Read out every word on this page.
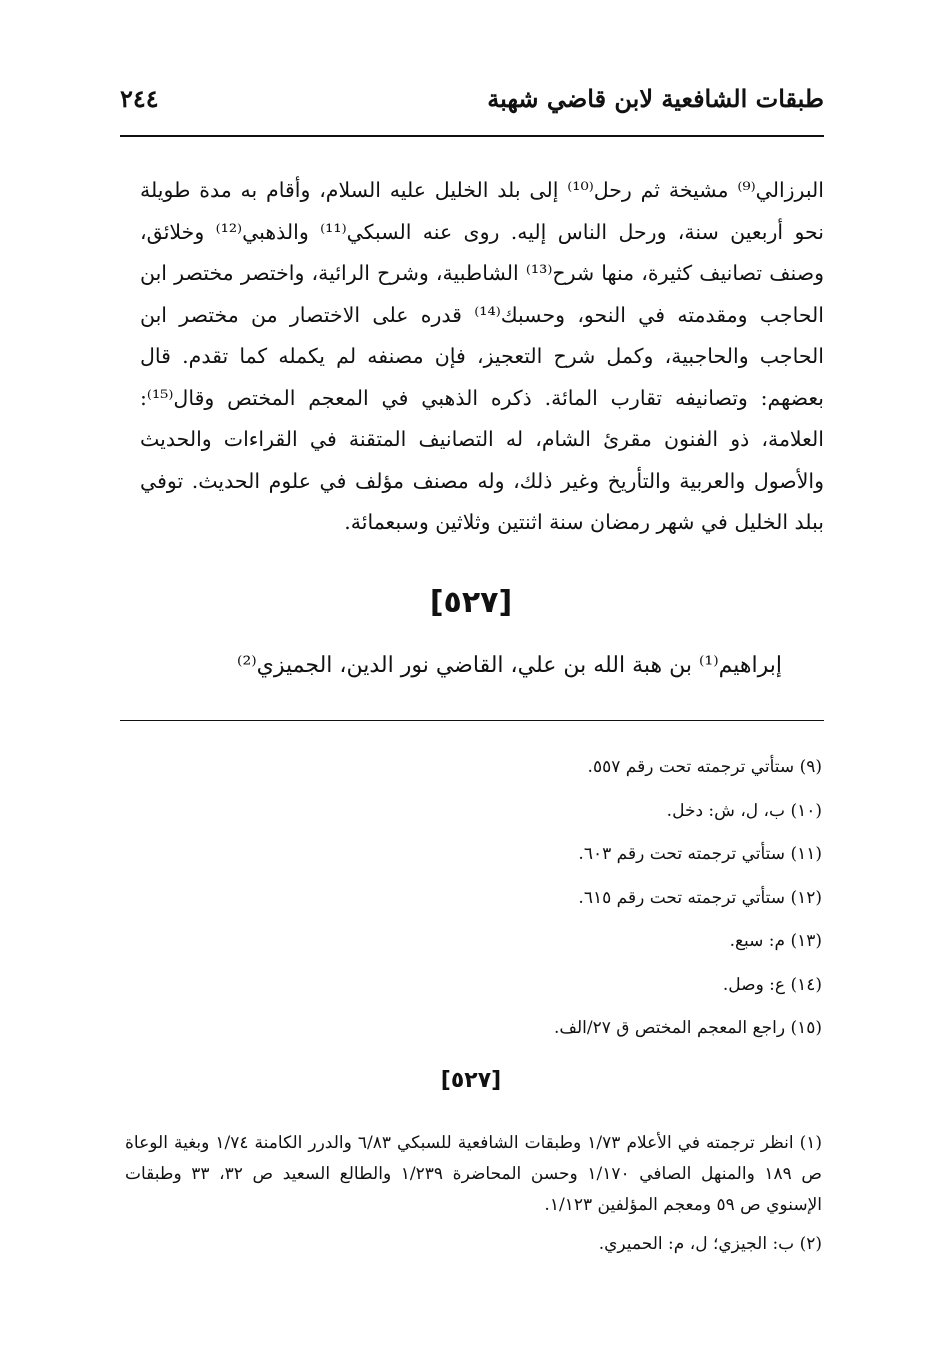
طبقات الشافعية لابن قاضي شهبة
٢٤٤

البرزالي⁽⁹⁾ مشيخة ثم رحل⁽¹⁰⁾ إلى بلد الخليل عليه السلام، وأقام به مدة طويلة نحو أربعين سنة، ورحل الناس إليه. روى عنه السبكي⁽¹¹⁾ والذهبي⁽¹²⁾ وخلائق، وصنف تصانيف كثيرة، منها شرح⁽¹³⁾ الشاطبية، وشرح الرائية، واختصر مختصر ابن الحاجب ومقدمته في النحو، وحسبك⁽¹⁴⁾ قدره على الاختصار من مختصر ابن الحاجب والحاجبية، وكمل شرح التعجيز، فإن مصنفه لم يكمله كما تقدم. قال بعضهم: وتصانيفه تقارب المائة. ذكره الذهبي في المعجم المختص وقال⁽¹⁵⁾: العلامة، ذو الفنون مقرئ الشام، له التصانيف المتقنة في القراءات والحديث والأصول والعربية والتأريخ وغير ذلك، وله مصنف مؤلف في علوم الحديث. توفي ببلد الخليل في شهر رمضان سنة اثنتين وثلاثين وسبعمائة.

[٥٢٧]

إبراهيم⁽¹⁾ بن هبة الله بن علي، القاضي نور الدين، الجميزي⁽²⁾

(٩) ستأتي ترجمته تحت رقم ٥٥٧.
(١٠) ب، ل، ش: دخل.
(١١) ستأتي ترجمته تحت رقم ٦٠٣.
(١٢) ستأتي ترجمته تحت رقم ٦١٥.
(١٣) م: سبع.
(١٤) ع: وصل.
(١٥) راجع المعجم المختص ق ٢٧/الف.
[٥٢٧]

(١) انظر ترجمته في الأعلام ١/٧٣ وطبقات الشافعية للسبكي ٦/٨٣ والدرر الكامنة ١/٧٤ وبغية الوعاة ص ١٨٩ والمنهل الصافي ١/١٧٠ وحسن المحاضرة ١/٢٣٩ والطالع السعيد ص ٣٢، ٣٣ وطبقات الإسنوي ص ٥٩ ومعجم المؤلفين ١/١٢٣.

(٢) ب: الجيزي؛ ل، م: الحميري.
